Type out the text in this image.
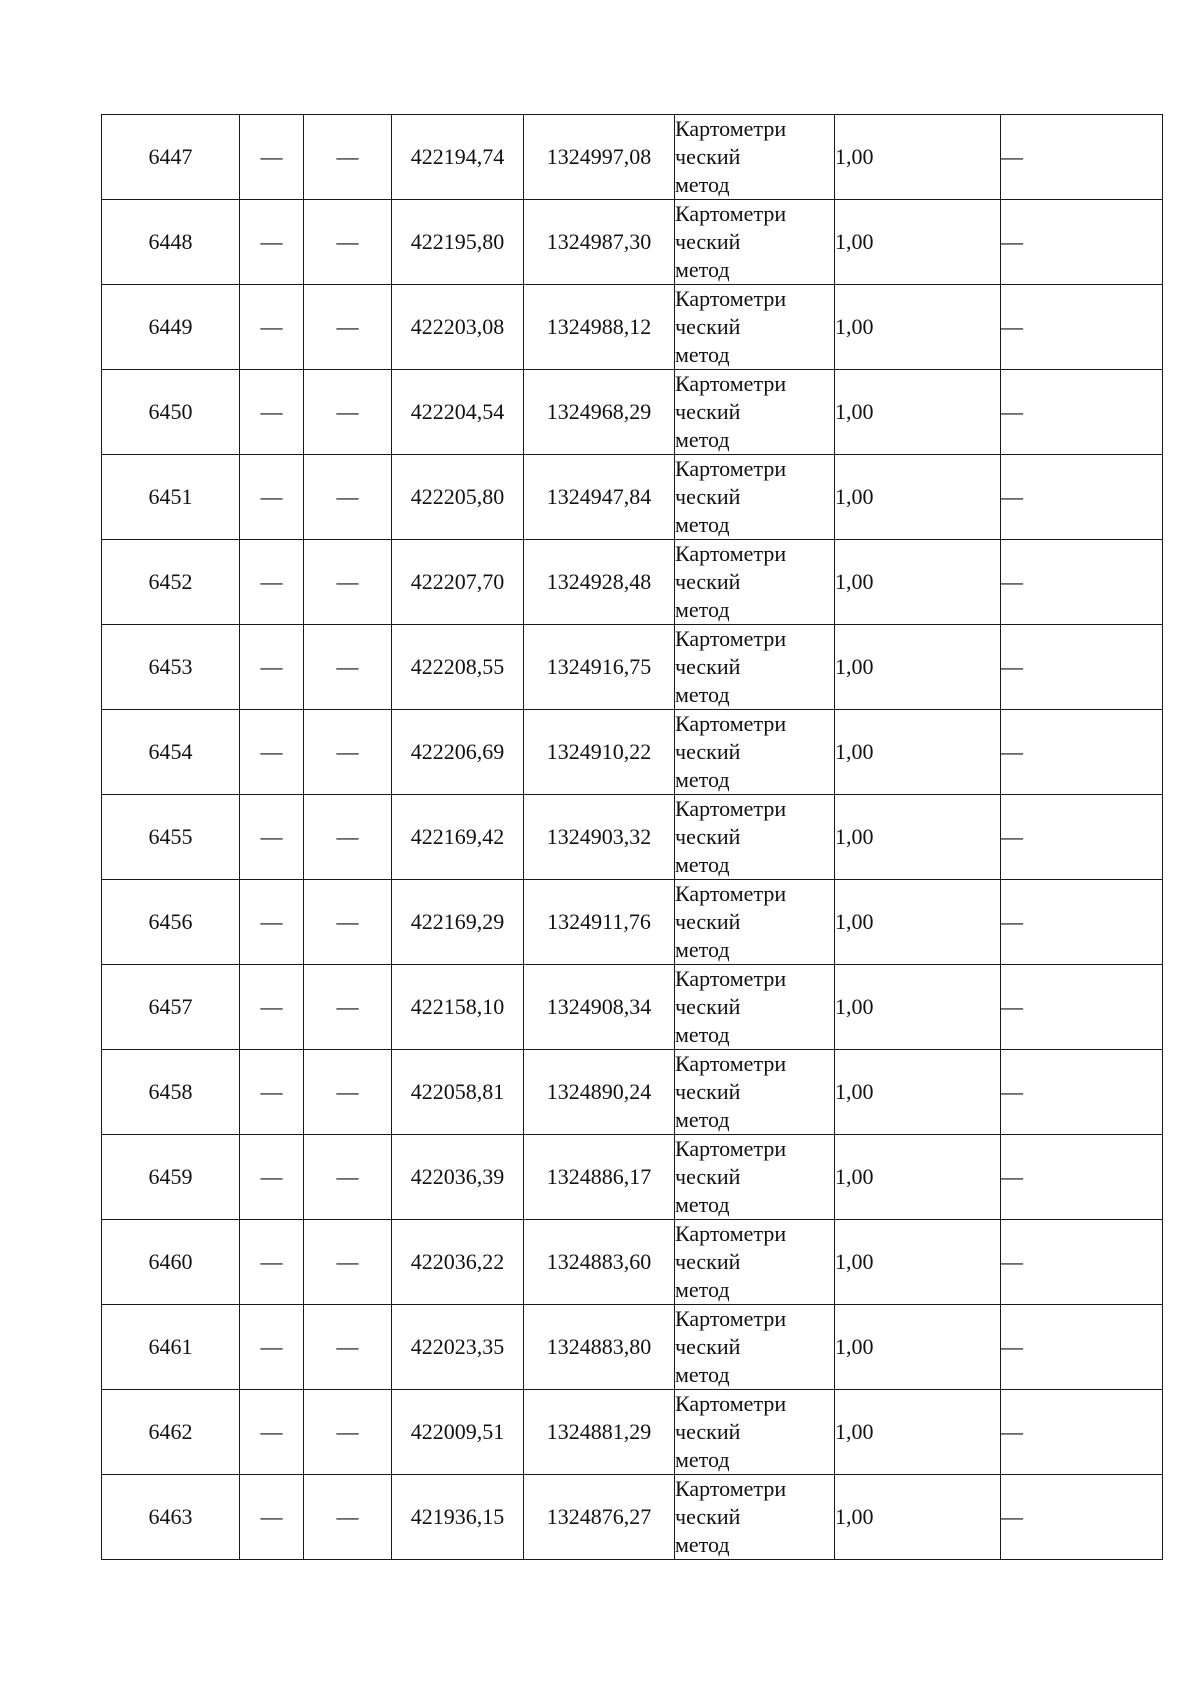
6447	—	—	422194,74	1324997,08	Картометри
ческий
метод	1,00	—
6448	—	—	422195,80	1324987,30	Картометри
ческий
метод	1,00	—
6449	—	—	422203,08	1324988,12	Картометри
ческий
метод	1,00	—
6450	—	—	422204,54	1324968,29	Картометри
ческий
метод	1,00	—
6451	—	—	422205,80	1324947,84	Картометри
ческий
метод	1,00	—
6452	—	—	422207,70	1324928,48	Картометри
ческий
метод	1,00	—
6453	—	—	422208,55	1324916,75	Картометри
ческий
метод	1,00	—
6454	—	—	422206,69	1324910,22	Картометри
ческий
метод	1,00	—
6455	—	—	422169,42	1324903,32	Картометри
ческий
метод	1,00	—
6456	—	—	422169,29	1324911,76	Картометри
ческий
метод	1,00	—
6457	—	—	422158,10	1324908,34	Картометри
ческий
метод	1,00	—
6458	—	—	422058,81	1324890,24	Картометри
ческий
метод	1,00	—
6459	—	—	422036,39	1324886,17	Картометри
ческий
метод	1,00	—
6460	—	—	422036,22	1324883,60	Картометри
ческий
метод	1,00	—
6461	—	—	422023,35	1324883,80	Картометри
ческий
метод	1,00	—
6462	—	—	422009,51	1324881,29	Картометри
ческий
метод	1,00	—
6463	—	—	421936,15	1324876,27	Картометри
ческий
метод	1,00	—
